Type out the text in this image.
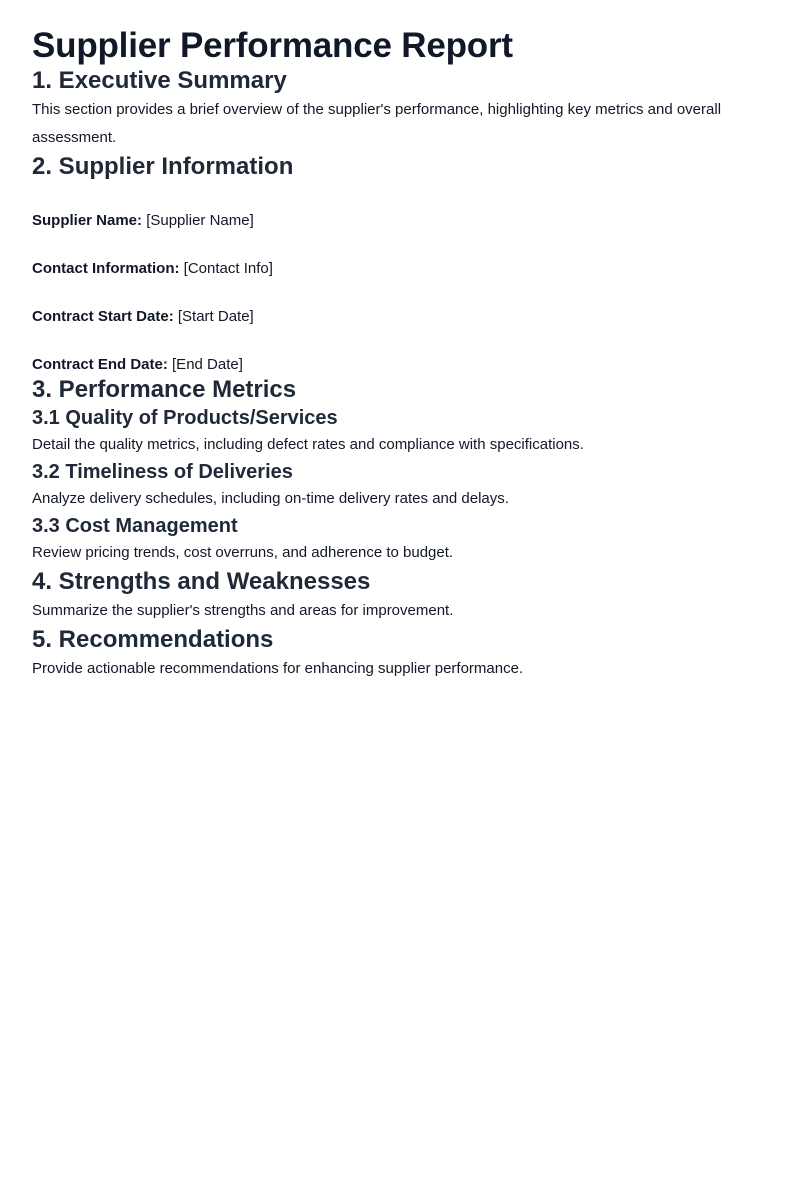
Supplier Performance Report
1. Executive Summary

This section provides a brief overview of the supplier's performance, highlighting key metrics and overall assessment.

2. Supplier Information

Supplier Name: [Supplier Name]

Contact Information: [Contact Info]

Contract Start Date: [Start Date]

Contract End Date: [End Date]

3. Performance Metrics
3.1 Quality of Products/Services

Detail the quality metrics, including defect rates and compliance with specifications.

3.2 Timeliness of Deliveries

Analyze delivery schedules, including on-time delivery rates and delays.

3.3 Cost Management

Review pricing trends, cost overruns, and adherence to budget.

4. Strengths and Weaknesses

Summarize the supplier's strengths and areas for improvement.

5. Recommendations

Provide actionable recommendations for enhancing supplier performance.
